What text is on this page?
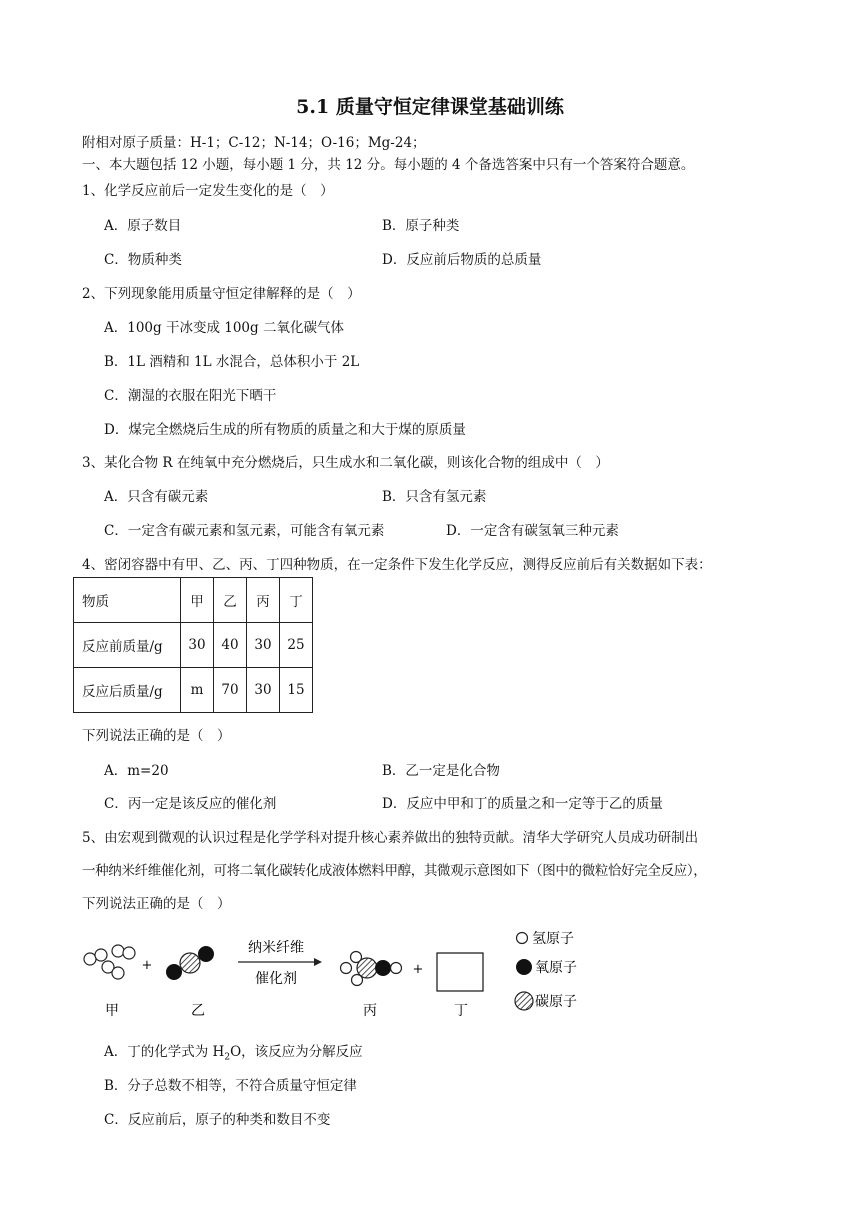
5.1 质量守恒定律课堂基础训练
附相对原子质量：H-1；C-12；N-14；O-16；Mg-24；
一、本大题包括 12 小题，每小题 1 分，共 12 分。每小题的 4 个备选答案中只有一个答案符合题意。
1、化学反应前后一定发生变化的是（　）
A．原子数目	B．原子种类
C．物质种类	D．反应前后物质的总质量
2、下列现象能用质量守恒定律解释的是（　）
A．100g 干冰变成 100g 二氧化碳气体
B．1L 酒精和 1L 水混合，总体积小于 2L
C．潮湿的衣服在阳光下晒干
D．煤完全燃烧后生成的所有物质的质量之和大于煤的原质量
3、某化合物 R 在纯氧中充分燃烧后，只生成水和二氧化碳，则该化合物的组成中（　）
A．只含有碳元素	B．只含有氢元素
C．一定含有碳元素和氢元素，可能含有氧元素	D．一定含有碳氢氧三种元素
4、密闭容器中有甲、乙、丙、丁四种物质，在一定条件下发生化学反应，测得反应前后有关数据如下表：
物质	甲	乙	丙	丁
反应前质量/g	30	40	30	25
反应后质量/g	m	70	30	15
下列说法正确的是（　）
A．m=20	B．乙一定是化合物
C．丙一定是该反应的催化剂	D．反应中甲和丁的质量之和一定等于乙的质量
5、由宏观到微观的认识过程是化学学科对提升核心素养做出的独特贡献。清华大学研究人员成功研制出
一种纳米纤维催化剂，可将二氧化碳转化成液体燃料甲醇，其微观示意图如下（图中的微粒恰好完全反应），
下列说法正确的是（　）
+
纳米纤维
催化剂
+
甲	乙	丙	丁
氢原子
氧原子
碳原子
A．丁的化学式为 $H_2O$，该反应为分解反应
B．分子总数不相等，不符合质量守恒定律
C．反应前后，原子的种类和数目不变
